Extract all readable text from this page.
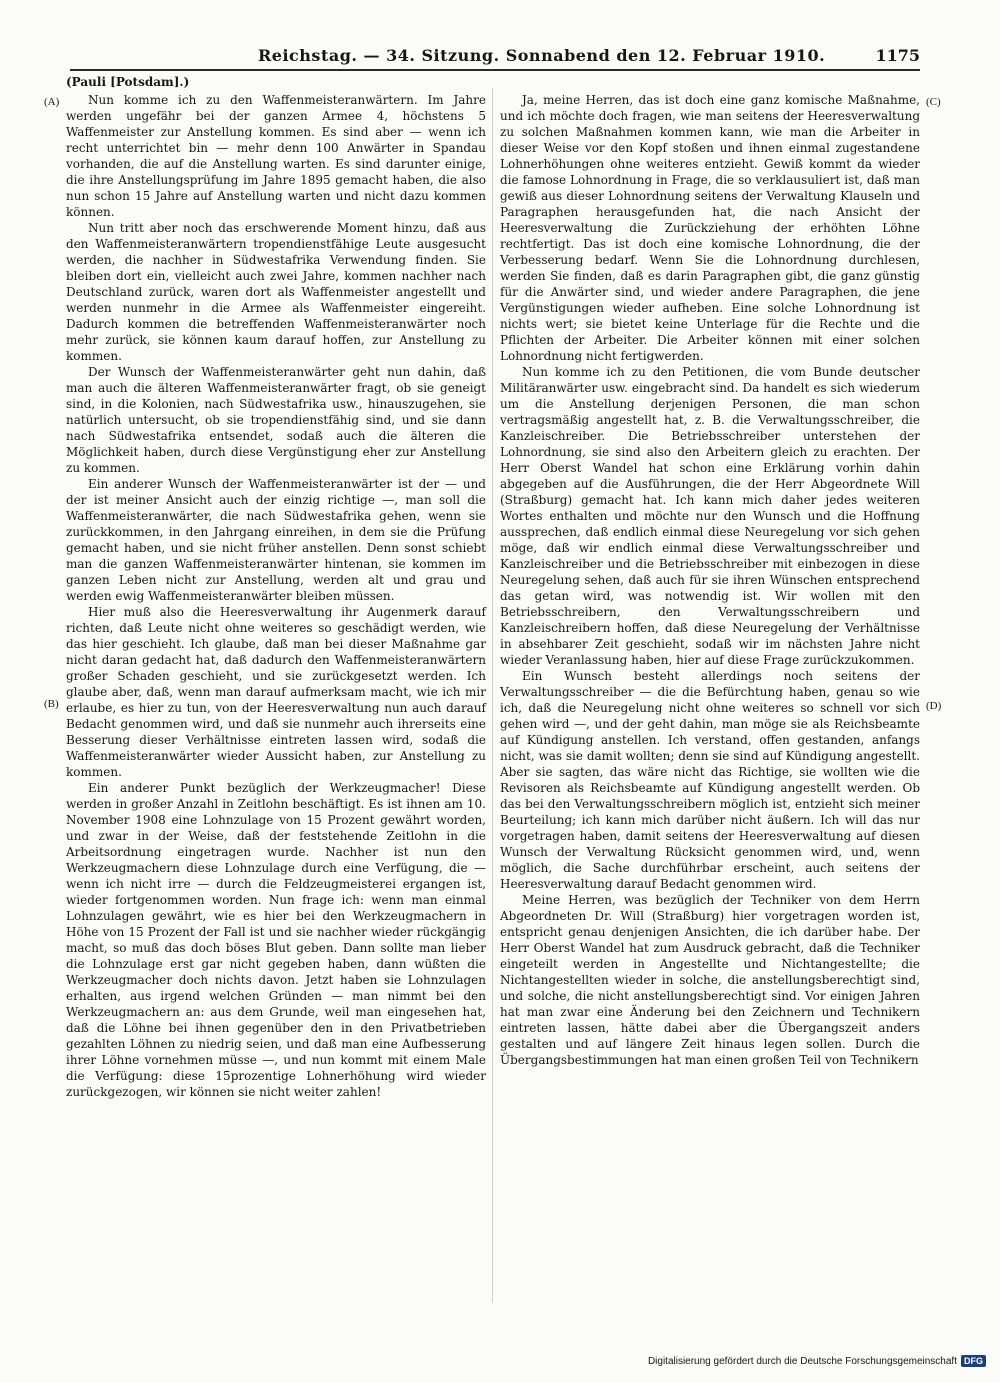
Reichstag. — 34. Sitzung. Sonnabend den 12. Februar 1910.	1175
(A)
(B)
(C)
(D)
(Pauli [Potsdam].)

Nun komme ich zu den Waffenmeisteranwärtern. Im Jahre werden ungefähr bei der ganzen Armee 4, höchstens 5 Waffenmeister zur Anstellung kommen. Es sind aber — wenn ich recht unterrichtet bin — mehr denn 100 Anwärter in Spandau vorhanden, die auf die Anstellung warten. Es sind darunter einige, die ihre Anstellungsprüfung im Jahre 1895 gemacht haben, die also nun schon 15 Jahre auf Anstellung warten und nicht dazu kommen können.

Nun tritt aber noch das erschwerende Moment hinzu, daß aus den Waffenmeisteranwärtern tropendienstfähige Leute ausgesucht werden, die nachher in Südwestafrika Verwendung finden. Sie bleiben dort ein, vielleicht auch zwei Jahre, kommen nachher nach Deutschland zurück, waren dort als Waffenmeister angestellt und werden nunmehr in die Armee als Waffenmeister eingereiht. Dadurch kommen die betreffenden Waffenmeisteranwärter noch mehr zurück, sie können kaum darauf hoffen, zur Anstellung zu kommen.

Der Wunsch der Waffenmeisteranwärter geht nun dahin, daß man auch die älteren Waffenmeisteranwärter fragt, ob sie geneigt sind, in die Kolonien, nach Südwestafrika usw., hinauszugehen, sie natürlich untersucht, ob sie tropendienstfähig sind, und sie dann nach Südwestafrika entsendet, sodaß auch die älteren die Möglichkeit haben, durch diese Vergünstigung eher zur Anstellung zu kommen.

Ein anderer Wunsch der Waffenmeisteranwärter ist der — und der ist meiner Ansicht auch der einzig richtige —, man soll die Waffenmeisteranwärter, die nach Südwestafrika gehen, wenn sie zurückkommen, in den Jahrgang einreihen, in dem sie die Prüfung gemacht haben, und sie nicht früher anstellen. Denn sonst schiebt man die ganzen Waffenmeisteranwärter hintenan, sie kommen im ganzen Leben nicht zur Anstellung, werden alt und grau und werden ewig Waffenmeisteranwärter bleiben müssen.

Hier muß also die Heeresverwaltung ihr Augenmerk darauf richten, daß Leute nicht ohne weiteres so geschädigt werden, wie das hier geschieht. Ich glaube, daß man bei dieser Maßnahme gar nicht daran gedacht hat, daß dadurch den Waffenmeisteranwärtern großer Schaden geschieht, und sie zurückgesetzt werden. Ich glaube aber, daß, wenn man darauf aufmerksam macht, wie ich mir erlaube, es hier zu tun, von der Heeresverwaltung nun auch darauf Bedacht genommen wird, und daß sie nunmehr auch ihrerseits eine Besserung dieser Verhältnisse eintreten lassen wird, sodaß die Waffenmeisteranwärter wieder Aussicht haben, zur Anstellung zu kommen.

Ein anderer Punkt bezüglich der Werkzeugmacher! Diese werden in großer Anzahl in Zeitlohn beschäftigt. Es ist ihnen am 10. November 1908 eine Lohnzulage von 15 Prozent gewährt worden, und zwar in der Weise, daß der feststehende Zeitlohn in die Arbeitsordnung eingetragen wurde. Nachher ist nun den Werkzeugmachern diese Lohnzulage durch eine Verfügung, die — wenn ich nicht irre — durch die Feldzeugmeisterei ergangen ist, wieder fortgenommen worden. Nun frage ich: wenn man einmal Lohnzulagen gewährt, wie es hier bei den Werkzeugmachern in Höhe von 15 Prozent der Fall ist und sie nachher wieder rückgängig macht, so muß das doch böses Blut geben. Dann sollte man lieber die Lohnzulage erst gar nicht gegeben haben, dann wüßten die Werkzeugmacher doch nichts davon. Jetzt haben sie Lohnzulagen erhalten, aus irgend welchen Gründen — man nimmt bei den Werkzeugmachern an: aus dem Grunde, weil man eingesehen hat, daß die Löhne bei ihnen gegenüber den in den Privatbetrieben gezahlten Löhnen zu niedrig seien, und daß man eine Aufbesserung ihrer Löhne vornehmen müsse —, und nun kommt mit einem Male die Verfügung: diese 15prozentige Lohnerhöhung wird wieder zurückgezogen, wir können sie nicht weiter zahlen!

Ja, meine Herren, das ist doch eine ganz komische Maßnahme, und ich möchte doch fragen, wie man seitens der Heeresverwaltung zu solchen Maßnahmen kommen kann, wie man die Arbeiter in dieser Weise vor den Kopf stoßen und ihnen einmal zugestandene Lohnerhöhungen ohne weiteres entzieht. Gewiß kommt da wieder die famose Lohnordnung in Frage, die so verklausuliert ist, daß man gewiß aus dieser Lohnordnung seitens der Verwaltung Klauseln und Paragraphen herausgefunden hat, die nach Ansicht der Heeresverwaltung die Zurückziehung der erhöhten Löhne rechtfertigt. Das ist doch eine komische Lohnordnung, die der Verbesserung bedarf. Wenn Sie die Lohnordnung durchlesen, werden Sie finden, daß es darin Paragraphen gibt, die ganz günstig für die Anwärter sind, und wieder andere Paragraphen, die jene Vergünstigungen wieder aufheben. Eine solche Lohnordnung ist nichts wert; sie bietet keine Unterlage für die Rechte und die Pflichten der Arbeiter. Die Arbeiter können mit einer solchen Lohnordnung nicht fertigwerden.

Nun komme ich zu den Petitionen, die vom Bunde deutscher Militäranwärter usw. eingebracht sind. Da handelt es sich wiederum um die Anstellung derjenigen Personen, die man schon vertragsmäßig angestellt hat, z. B. die Verwaltungsschreiber, die Kanzleischreiber. Die Betriebsschreiber unterstehen der Lohnordnung, sie sind also den Arbeitern gleich zu erachten. Der Herr Oberst Wandel hat schon eine Erklärung vorhin dahin abgegeben auf die Ausführungen, die der Herr Abgeordnete Will (Straßburg) gemacht hat. Ich kann mich daher jedes weiteren Wortes enthalten und möchte nur den Wunsch und die Hoffnung aussprechen, daß endlich einmal diese Neuregelung vor sich gehen möge, daß wir endlich einmal diese Verwaltungsschreiber und Kanzleischreiber und die Betriebsschreiber mit einbezogen in diese Neuregelung sehen, daß auch für sie ihren Wünschen entsprechend das getan wird, was notwendig ist. Wir wollen mit den Betriebsschreibern, den Verwaltungsschreibern und Kanzleischreibern hoffen, daß diese Neuregelung der Verhältnisse in absehbarer Zeit geschieht, sodaß wir im nächsten Jahre nicht wieder Veranlassung haben, hier auf diese Frage zurückzukommen.

Ein Wunsch besteht allerdings noch seitens der Verwaltungsschreiber — die die Befürchtung haben, genau so wie ich, daß die Neuregelung nicht ohne weiteres so schnell vor sich gehen wird —, und der geht dahin, man möge sie als Reichsbeamte auf Kündigung anstellen. Ich verstand, offen gestanden, anfangs nicht, was sie damit wollten; denn sie sind auf Kündigung angestellt. Aber sie sagten, das wäre nicht das Richtige, sie wollten wie die Revisoren als Reichsbeamte auf Kündigung angestellt werden. Ob das bei den Verwaltungsschreibern möglich ist, entzieht sich meiner Beurteilung; ich kann mich darüber nicht äußern. Ich will das nur vorgetragen haben, damit seitens der Heeresverwaltung auf diesen Wunsch der Verwaltung Rücksicht genommen wird, und, wenn möglich, die Sache durchführbar erscheint, auch seitens der Heeresverwaltung darauf Bedacht genommen wird.

Meine Herren, was bezüglich der Techniker von dem Herrn Abgeordneten Dr. Will (Straßburg) hier vorgetragen worden ist, entspricht genau denjenigen Ansichten, die ich darüber habe. Der Herr Oberst Wandel hat zum Ausdruck gebracht, daß die Techniker eingeteilt werden in Angestellte und Nichtangestellte; die Nichtangestellten wieder in solche, die anstellungsberechtigt sind, und solche, die nicht anstellungsberechtigt sind. Vor einigen Jahren hat man zwar eine Änderung bei den Zeichnern und Technikern eintreten lassen, hätte dabei aber die Übergangszeit anders gestalten und auf längere Zeit hinaus legen sollen. Durch die Übergangsbestimmungen hat man einen großen Teil von Technikern

Digitalisierung gefördert durch die Deutsche Forschungsgemeinschaft DFG
